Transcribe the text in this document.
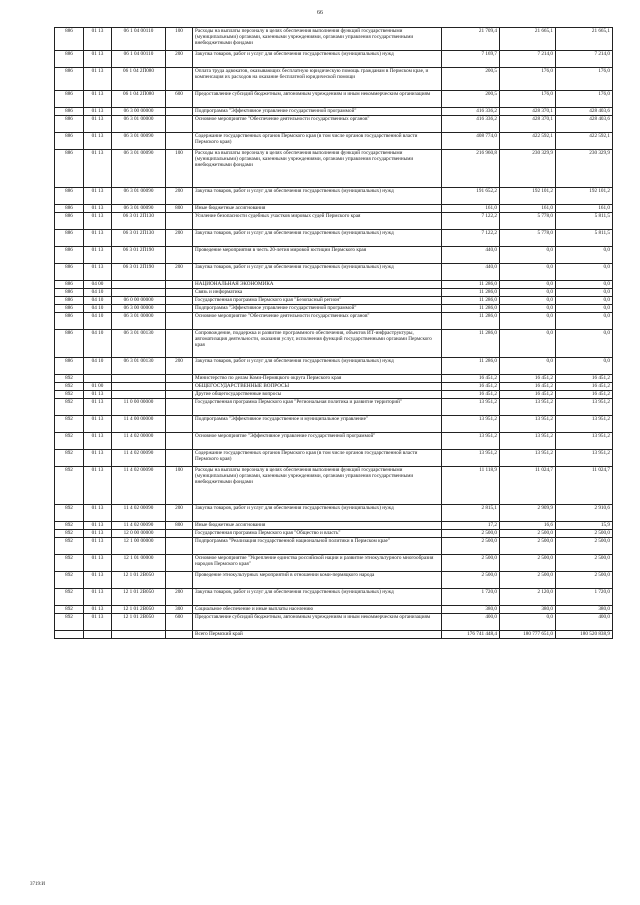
66
886	01 13	06 1 04 00110	100	Расходы на выплаты персоналу в целях обеспечения выполнения функций государственными (муниципальными) органами, казенными учреждениями, органами управления государственными внебюджетными фондами	21 709,4	21 665,1	21 665,1
886	01 13	06 1 04 00110	200	Закупка товаров, работ и услуг для обеспечения государственных (муниципальных) нужд	7 169,7	7 214,0	7 214,0
886	01 13	06 1 04 2П080		Оплата труда адвокатов, оказывающих бесплатную юридическую помощь гражданам в Пермском крае, и компенсация их расходов на оказание бесплатной юридической помощи	200,5	176,0	176,0
886	01 13	06 1 04 2П080	600	Предоставление субсидий бюджетным, автономным учреждениям и иным некоммерческим организациям	200,5	176,0	176,0
886	01 13	06 3 00 00000		Подпрограмма "Эффективное управление государственной программой"	416 336,2	428 370,1	428 403,6
886	01 13	06 3 01 00000		Основное мероприятие "Обеспечение деятельности государственных органов"	416 336,2	428 370,1	428 403,6
886	01 13	06 3 01 00090		Содержание государственных органов Пермского края (в том числе органов государственной власти Пермского края)	408 774,0	422 592,1	422 592,1
886	01 13	06 3 01 00090	100	Расходы на выплаты персоналу в целях обеспечения выполнения функций государственными (муниципальными) органами, казенными учреждениями, органами управления государственными внебюджетными фондами	216 960,8	230 329,9	230 329,9
886	01 13	06 3 01 00090	200	Закупка товаров, работ и услуг для обеспечения государственных (муниципальных) нужд	191 652,2	192 101,2	192 101,2
886	01 13	06 3 01 00090	800	Иные бюджетные ассигнования	161,0	161,0	161,0
886	01 13	06 3 01 2П130		Усиление безопасности судебных участков мировых судей Пермского края	7 122,2	5 778,0	5 811,5
886	01 13	06 3 01 2П130	200	Закупка товаров, работ и услуг для обеспечения государственных (муниципальных) нужд	7 122,2	5 778,0	5 811,5
886	01 13	06 3 01 2П190		Проведение мероприятия в честь 20-летия мировой юстиции Пермского края	440,0	0,0	0,0
886	01 13	06 3 01 2П190	200	Закупка товаров, работ и услуг для обеспечения государственных (муниципальных) нужд	440,0	0,0	0,0
886	04 00			НАЦИОНАЛЬНАЯ ЭКОНОМИКА	11 286,0	0,0	0,0
886	04 10			Связь и информатика	11 286,0	0,0	0,0
886	04 10	06 0 00 00000		Государственная программа Пермского края "Безопасный регион"	11 286,0	0,0	0,0
886	04 10	06 3 00 00000		Подпрограмма "Эффективное управление государственной программой"	11 286,0	0,0	0,0
886	04 10	06 3 01 00000		Основное мероприятие "Обеспечение деятельности государственных органов"	11 286,0	0,0	0,0
886	04 10	06 3 01 00130		Сопровождение, поддержка и развитие программного обеспечения, объектов ИТ-инфраструктуры, автоматизация деятельности, оказания услуг, исполнения функций государственными органами Пермского края	11 286,0	0,0	0,0
886	04 10	06 3 01 00130	200	Закупка товаров, работ и услуг для обеспечения государственных (муниципальных) нужд	11 286,0	0,0	0,0
892				Министерство по делам Коми-Пермяцкого округа Пермского края	16 451,2	16 451,2	16 451,2
892	01 00			ОБЩЕГОСУДАРСТВЕННЫЕ ВОПРОСЫ	16 451,2	16 451,2	16 451,2
892	01 13			Другие общегосударственные вопросы	16 451,2	16 451,2	16 451,2
892	01 13	11 0 00 00000		Государственная программа Пермского края "Региональная политика и развитие территорий"	13 951,2	13 951,2	13 951,2
892	01 13	11 4 00 00000		Подпрограмма "Эффективное государственное и муниципальное управление"	13 951,2	13 951,2	13 951,2
892	01 13	11 4 02 00000		Основное мероприятие "Эффективное управление государственной программой"	13 951,2	13 951,2	13 951,2
892	01 13	11 4 02 00090		Содержание государственных органов Пермского края (в том числе органов государственной власти Пермского края)	13 951,2	13 951,2	13 951,2
892	01 13	11 4 02 00090	100	Расходы на выплаты персоналу в целях обеспечения выполнения функций государственными (муниципальными) органами, казенными учреждениями, органами управления государственными внебюджетными фондами	11 118,9	11 024,7	11 024,7
892	01 13	11 4 02 00090	200	Закупка товаров, работ и услуг для обеспечения государственных (муниципальных) нужд	2 815,1	2 909,9	2 910,6
892	01 13	11 4 02 00090	800	Иные бюджетные ассигнования	17,2	16,6	15,9
892	01 13	12 0 00 00000		Государственная программа Пермского края "Общество и власть"	2 500,0	2 500,0	2 500,0
892	01 13	12 1 00 00000		Подпрограмма "Реализация государственной национальной политики в Пермском крае"	2 500,0	2 500,0	2 500,0
892	01 13	12 1 01 00000		Основное мероприятие "Укрепление единства российской нации и развитие этнокультурного многообразия народов Пермского края"	2 500,0	2 500,0	2 500,0
892	01 13	12 1 01 2В050		Проведение этнокультурных мероприятий в отношении коми-пермяцкого народа	2 500,0	2 500,0	2 500,0
892	01 13	12 1 01 2В050	200	Закупка товаров, работ и услуг для обеспечения государственных (муниципальных) нужд	1 720,0	2 120,0	1 720,0
892	01 13	12 1 01 2В050	300	Социальное обеспечение и иные выплаты населению	380,0	380,0	380,0
892	01 13	12 1 01 2В050	600	Предоставление субсидий бюджетным, автономным учреждениям и иным некоммерческим организациям	400,0	0,0	400,0
				Всего Пермский край	176 741 448,4	180 777 651,0	180 520 838,9
3719:И
